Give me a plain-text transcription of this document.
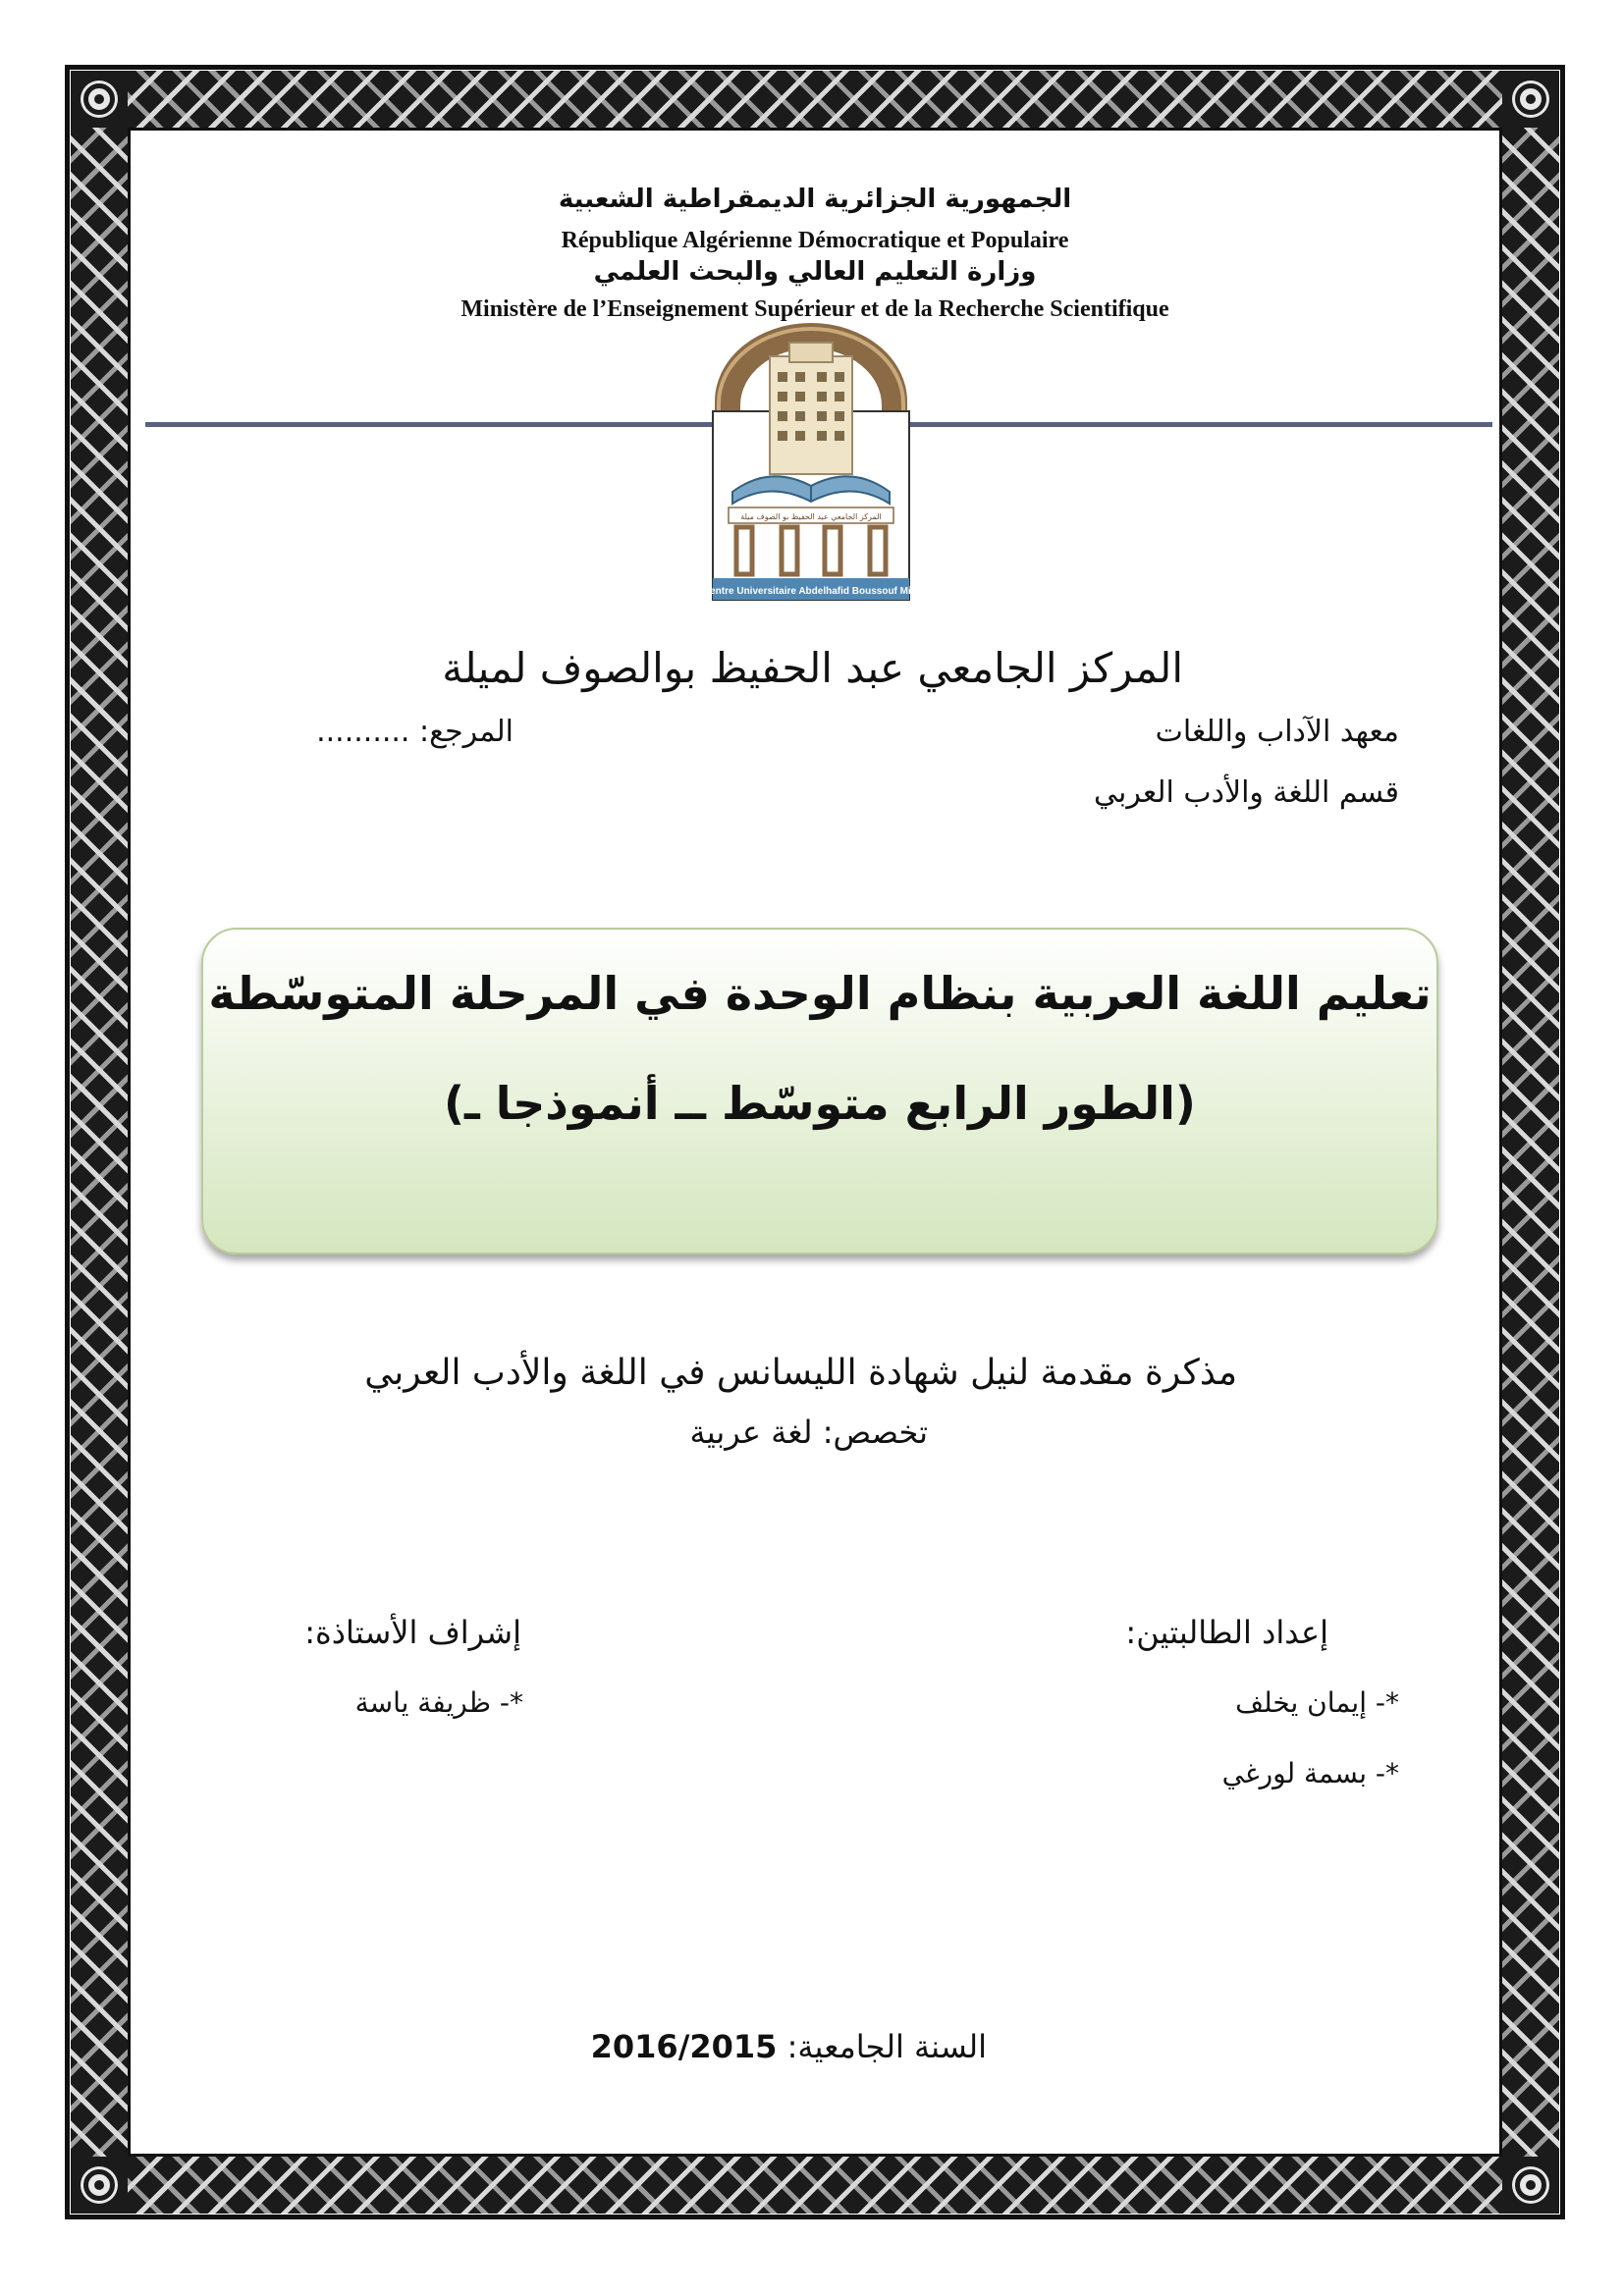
الجمهورية الجزائرية الديمقراطية الشعبية
République Algérienne Démocratique et Populaire
وزارة التعليم العالي والبحث العلمي
Ministère de l’Enseignement Supérieur et de la Recherche Scientifique
المركز الجامعي عبد الحفيظ بو الصوف ميلة
Centre Universitaire Abdelhafid Boussouf Mila
المركز الجامعي عبد الحفيظ بوالصوف لميلة
معهد الآداب واللغات
المرجع: ..........
قسم اللغة والأدب العربي
تعليم اللغة العربية بنظام الوحدة في المرحلة المتوسّطة
(الطور الرابع متوسّط ــ أنموذجا ـ)
مذكرة مقدمة لنيل شهادة الليسانس في اللغة والأدب العربي
تخصص: لغة عربية
إعداد الطالبتين:
إشراف الأستاذة:
*- إيمان يخلف
*- بسمة لورغي
*- ظريفة ياسة
السنة الجامعية: 2016/2015
